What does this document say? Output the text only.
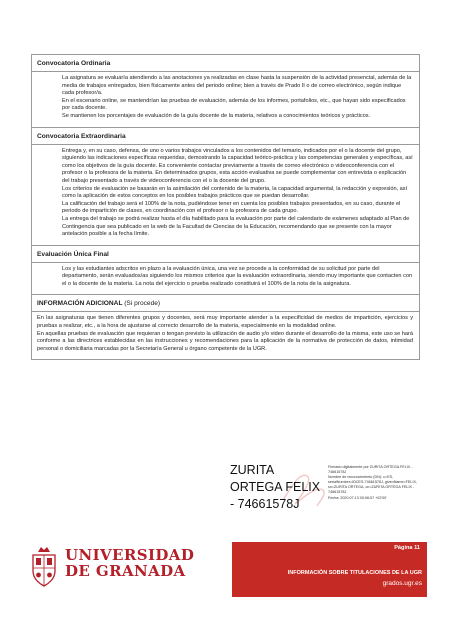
Convocatoria Ordinaria

La asignatura se evaluaría atendiendo a las anotaciones ya realizadas en clase hasta la suspensión de la actividad presencial, además de la media de trabajos entregados, bien físicamente antes del periodo online; bien a través de Prado II o de correo electrónico, según indique cada profesor/a.

En el escenario online, se mantendrían las pruebas de evaluación, además de los informes, portafolios, etc., que hayan sido especificados por cada docente.

Se mantienen los porcentajes de evaluación de la guía docente de la materia, relativos a conocimientos teóricos y prácticos.

Convocatoria Extraordinaria

Entrega y, en su caso, defensa, de uno o varios trabajos vinculados a los contenidos del temario, indicados por el o la docente del grupo, siguiendo las indicaciones específicas requeridas, demostrando la capacidad teórico-práctica y las competencias generales y específicas, así como los objetivos de la guía docente. Es conveniente contactar previamente a través de correo electrónico o videoconferencia con el profesor o la profesora de la materia. En determinados grupos, esta acción evaluativa se puede complementar con entrevista o explicación del trabajo presentado a través de videoconferencia con el o la docente del grupo.

Los criterios de evaluación se basarán en la asimilación del contenido de la materia, la capacidad argumental, la redacción y expresión, así como la aplicación de estos conceptos en los posibles trabajos prácticos que se puedan desarrollar.

La calificación del trabajo será el 100% de la nota, pudiéndose tener en cuenta los posibles trabajos presentados, en su caso, durante el periodo de impartición de clases, en coordinación con el profesor o la profesora de cada grupo.

La entrega del trabajo se podrá realizar hasta el día habilitado para la evaluación por parte del calendario de exámenes adaptado al Plan de Contingencia que sea publicado en la web de la Facultad de Ciencias de la Educación, recomendando que se presente con la mayor antelación posible a la fecha límite.

Evaluación Única Final

Los y las estudiantes adscritos en plazo a la evaluación única, una vez se procede a la conformidad de su solicitud por parte del departamento, serán evaluados/as siguiendo los mismos criterios que la evaluación extraordinaria, siendo muy importante que contacten con el o la docente de la materia. La nota del ejercicio o prueba realizado constituirá el 100% de la nota de la asignatura.

INFORMACIÓN ADICIONAL (Si procede)

En las asignaturas que tienen diferentes grupos y docentes, será muy importante atender a la especificidad de medios de impartición, ejercicios y pruebas a realizar, etc., a la hora de ajustarse al correcto desarrollo de la materia, especialmente en la modalidad online.

En aquellas pruebas de evaluación que requieran o tengan previsto la utilización de audio y/o video durante el desarrollo de la misma, este uso se hará conforme a las directrices establecidas en las instrucciones y recomendaciones para la aplicación de la normativa de protección de datos, intimidad personal o domiciliaria marcadas por la Secretaría General u órgano competente de la UGR.

ZURITA
ORTEGA FELIX
- 74661578J
Firmado digitalmente por ZURITA ORTEGA FELIX - 74661578J
Nombre de reconocimiento (DN): c=ES, serialNumber=IDCES-74661578J, givenName=FELIX, sn=ZURITA ORTEGA, cn=ZURITA ORTEGA FELIX - 74661578J
Fecha: 2020.07.13 00:06:57 +02'00'
UNIVERSIDAD
DE GRANADA
Página 11
INFORMACIÓN SOBRE TITULACIONES DE LA UGR
grados.ugr.es
